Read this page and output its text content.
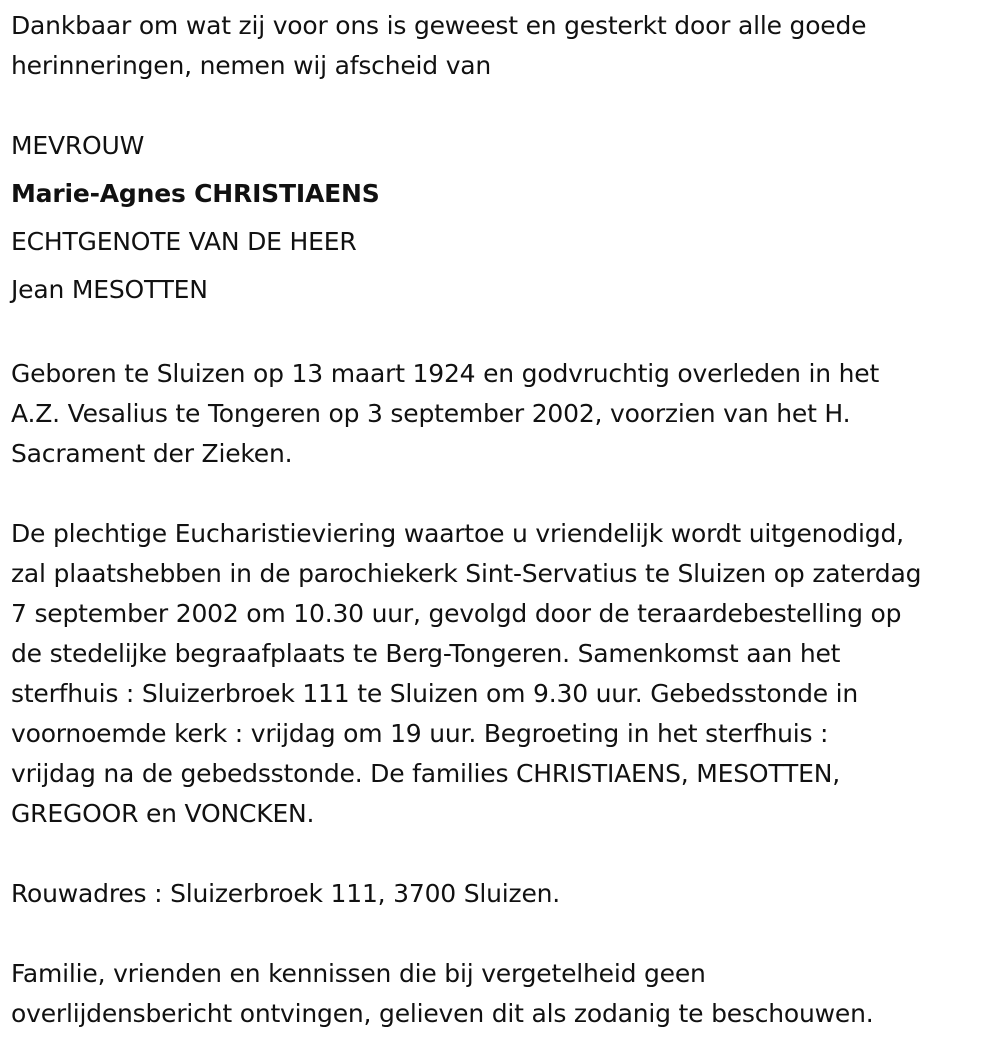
Dankbaar om wat zij voor ons is geweest en gesterkt door alle goede
herinneringen, nemen wij afscheid van
MEVROUW
Marie-Agnes CHRISTIAENS
ECHTGENOTE VAN DE HEER
Jean MESOTTEN
Geboren te Sluizen op 13 maart 1924 en godvruchtig overleden in het
A.Z. Vesalius te Tongeren op 3 september 2002, voorzien van het H.
Sacrament der Zieken.
De plechtige Eucharistieviering waartoe u vriendelijk wordt uitgenodigd,
zal plaatshebben in de parochiekerk Sint-Servatius te Sluizen op zaterdag
7 september 2002 om 10.30 uur, gevolgd door de teraardebestelling op
de stedelijke begraafplaats te Berg-Tongeren. Samenkomst aan het
sterfhuis : Sluizerbroek 111 te Sluizen om 9.30 uur. Gebedsstonde in
voornoemde kerk : vrijdag om 19 uur. Begroeting in het sterfhuis :
vrijdag na de gebedsstonde. De families CHRISTIAENS, MESOTTEN,
GREGOOR en VONCKEN.
Rouwadres : Sluizerbroek 111, 3700 Sluizen.
Familie, vrienden en kennissen die bij vergetelheid geen
overlijdensbericht ontvingen, gelieven dit als zodanig te beschouwen.
